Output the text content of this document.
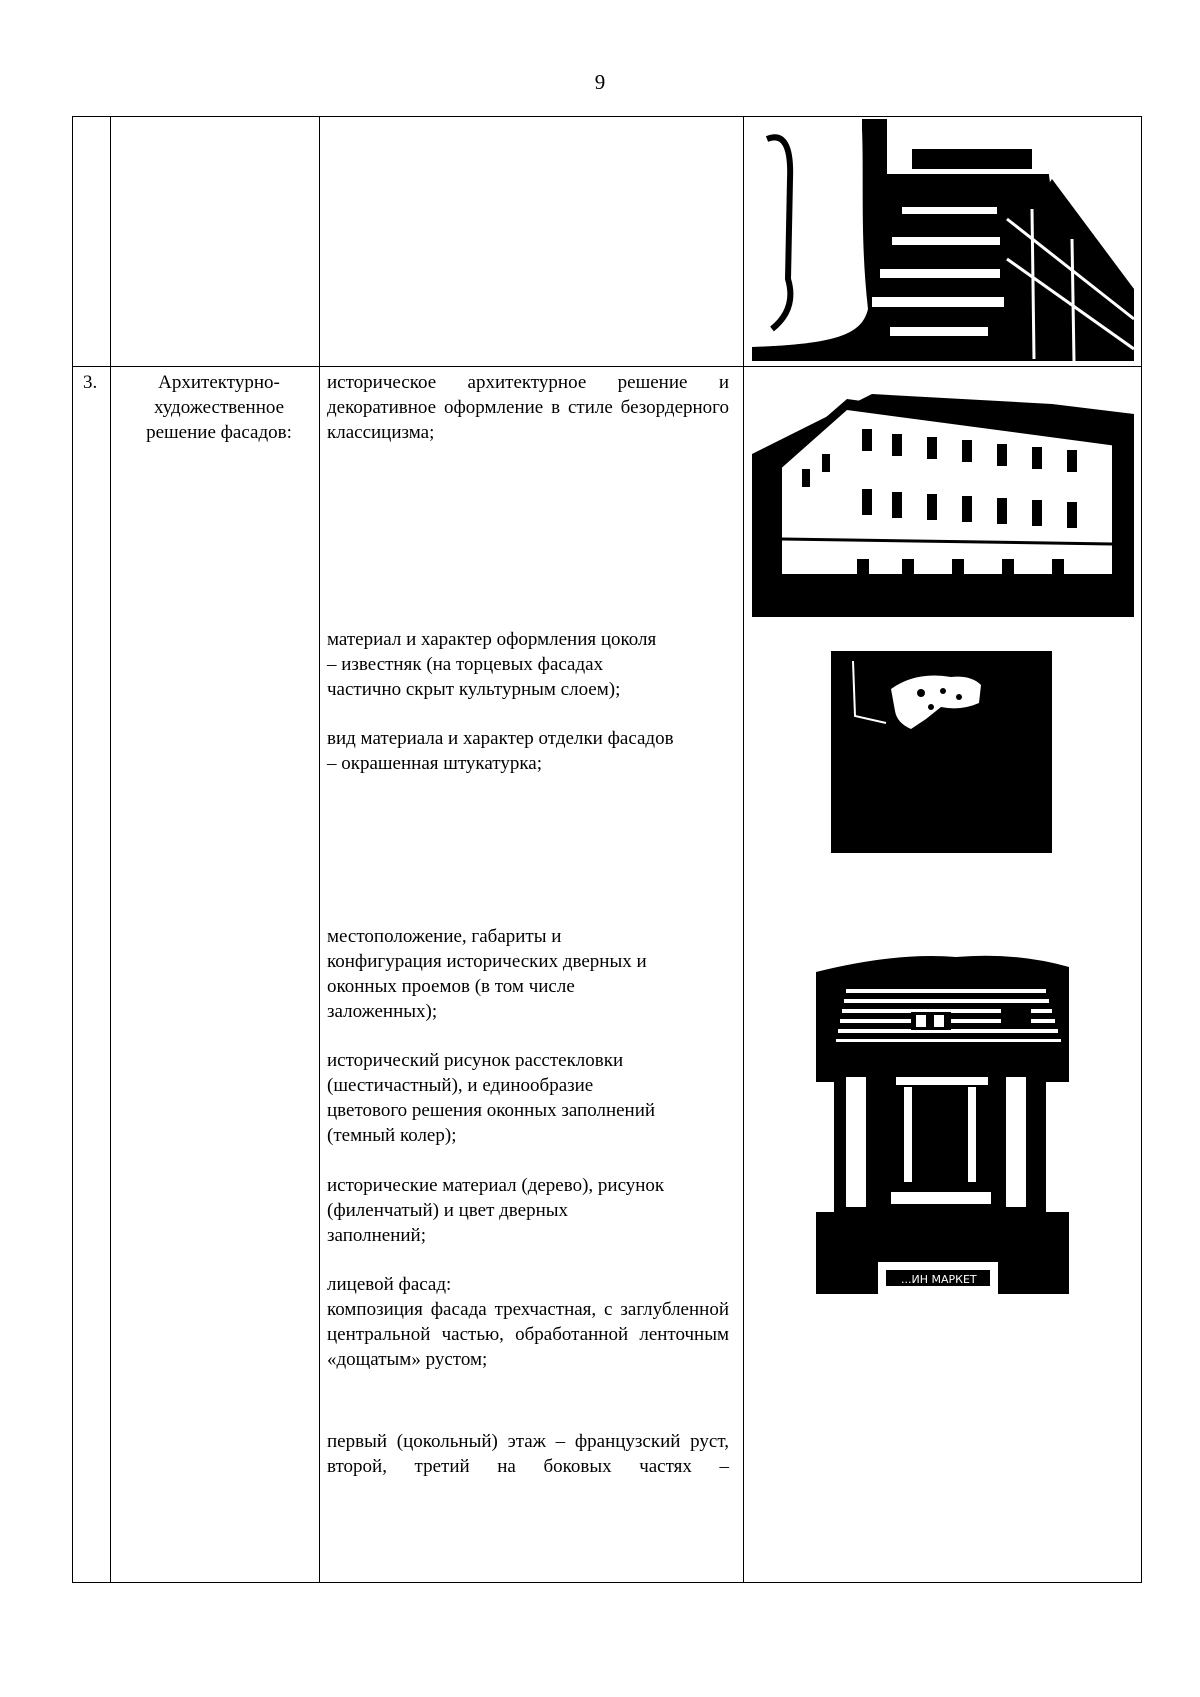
9
3.	Архитектурно-
художественное
решение фасадов:
историческое архитектурное решение и декоративное оформление в стиле безордерного классицизма;
материал и характер оформления цоколя
– известняк (на торцевых фасадах
частично скрыт культурным слоем);
вид материала и характер отделки фасадов
– окрашенная штукатурка;
местоположение, габариты и
конфигурация исторических дверных и
оконных проемов (в том числе
заложенных);
исторический рисунок расстекловки
(шестичастный), и единообразие
цветового решения оконных заполнений
(темный колер);
исторические материал (дерево), рисунок
(филенчатый) и цвет дверных
заполнений;
лицевой фасад:
композиция фасада трехчастная, с заглубленной центральной частью, обработанной ленточным «дощатым» рустом;
первый (цокольный) этаж – французский руст, второй, третий на боковых частях –
...ИН МАРКЕТ
